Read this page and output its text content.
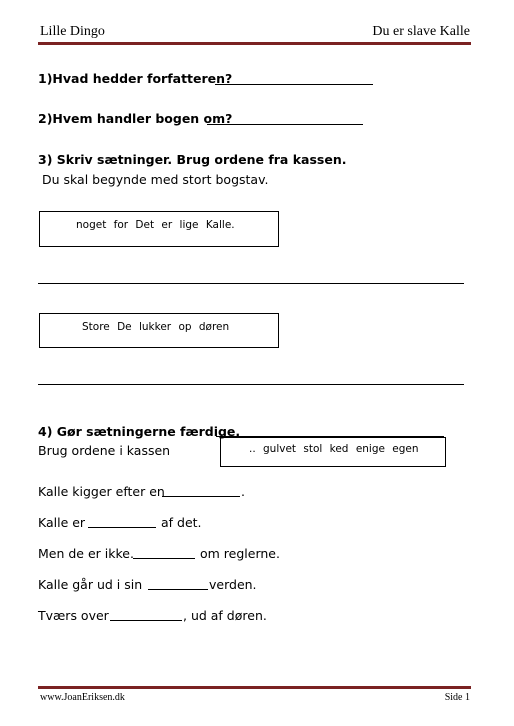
Lille Dingo	Du er slave Kalle
1)Hvad hedder forfatteren?
2)Hvem handler bogen om?
3) Skriv sætninger. Brug ordene fra kassen.
Du skal begynde med stort bogstav.
noget for Det er lige Kalle.
Store De lukker op døren
4) Gør sætningerne færdige.
Brug ordene i kassen	.. gulvet stol ked enige egen
Kalle kigger efter en	.
Kalle er	af det.
Men de er ikke.	om reglerne.
Kalle går ud i sin	verden.
Tværs over	, ud af døren.
www.JoanEriksen.dk	Side 1
